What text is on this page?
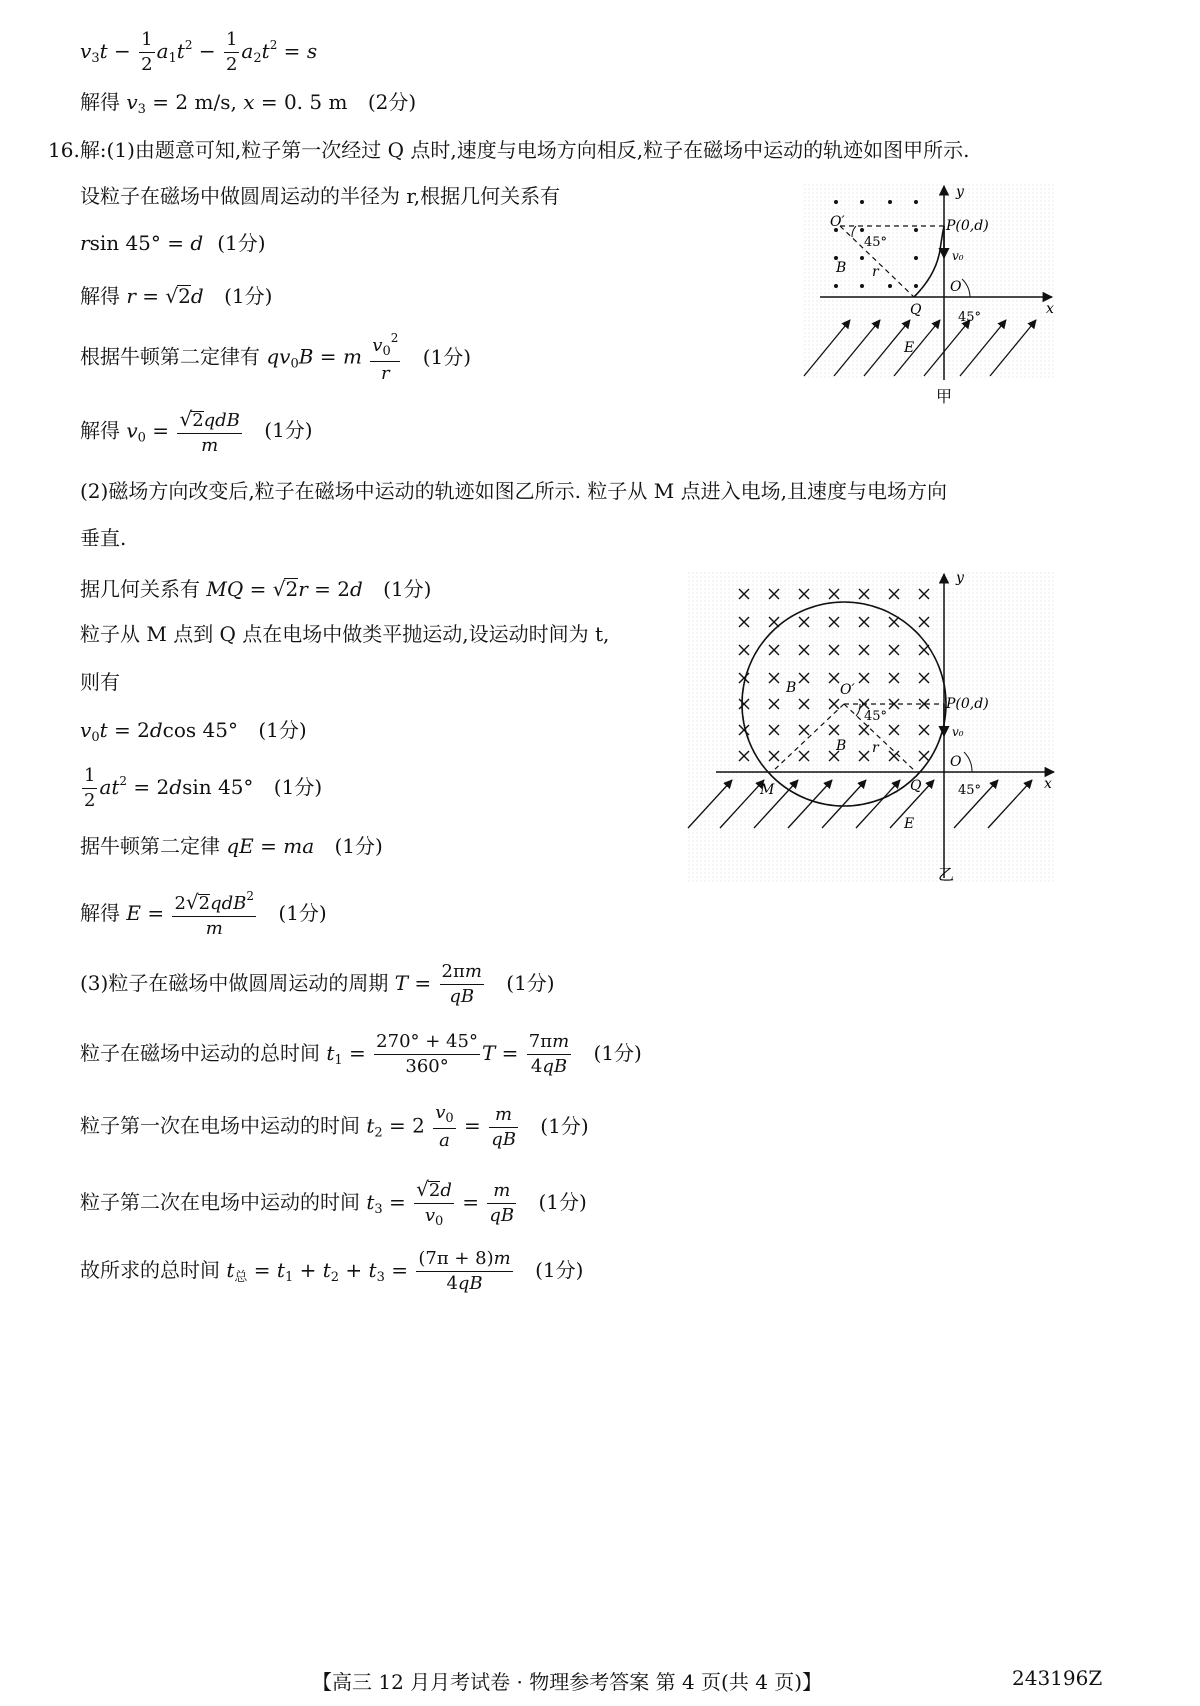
$v_3t - \frac{1}{2} a_1t^2 - \frac{1}{2} a_2t^2 = s$
解得 $v_3 = 2$ m/s, x = 0. 5 m (2分)
16.解:(1)由题意可知,粒子第一次经过 Q 点时,速度与电场方向相反,粒子在磁场中运动的轨迹如图甲所示.
设粒子在磁场中做圆周运动的半径为 r,根据几何关系有
rsin 45° = d (1分)
解得 r = √2d (1分)
根据牛顿第二定律有 $qv_0B = m \frac{v_0^2}{r} (1$分)
解得 $v_0 = \frac{\text{√2qdB}}{m} (1$分)
(2)磁场方向改变后,粒子在磁场中运动的轨迹如图乙所示. 粒子从 M 点进入电场,且速度与电场方向
垂直.
据几何关系有 MQ = √2r = 2d (1分)
粒子从 M 点到 Q 点在电场中做类平抛运动,设运动时间为 t,
则有
$v_0t = 2dcos$ 45° (1分)
$\frac{1}{2} at^2 = 2dsin$ 45° (1分)
据牛顿第二定律 qE = ma (1分)
解得 $E = \frac{2√2qdB^2}{m} (1$分)
(3)粒子在磁场中做圆周运动的周期 $T = \frac{2\pi m}{qB} (1$分)
粒子在磁场中运动的总时间 $t_1 = \frac{270^\circ + 45^\circ}{360^\circ}$ $T = \frac{7\pi m}{4qB} (1$分)
粒子第一次在电场中运动的时间 $t_2 = 2 \frac{v_0}{a} = \frac{m}{qB} (1$分)
粒子第二次在电场中运动的时间 $t_3 = \frac{√2d}{v_0} = \frac{m}{qB} (1$分)
故所求的总时间 $t_总 = t_1 + t_2 + t_3 = \frac{(7\pi + 8)m}{4qB} (1$分)
y
x
O′	P(0,d)
v₀
45°
B r
O
Q	45°
E
甲
y
x
O′
P(0,d)
v₀
45°
B
B r
O
Q
M	45°
E
乙
【高三 12 月月考试卷 · 物理参考答案 第 4 页(共 4 页)】	243196Z
